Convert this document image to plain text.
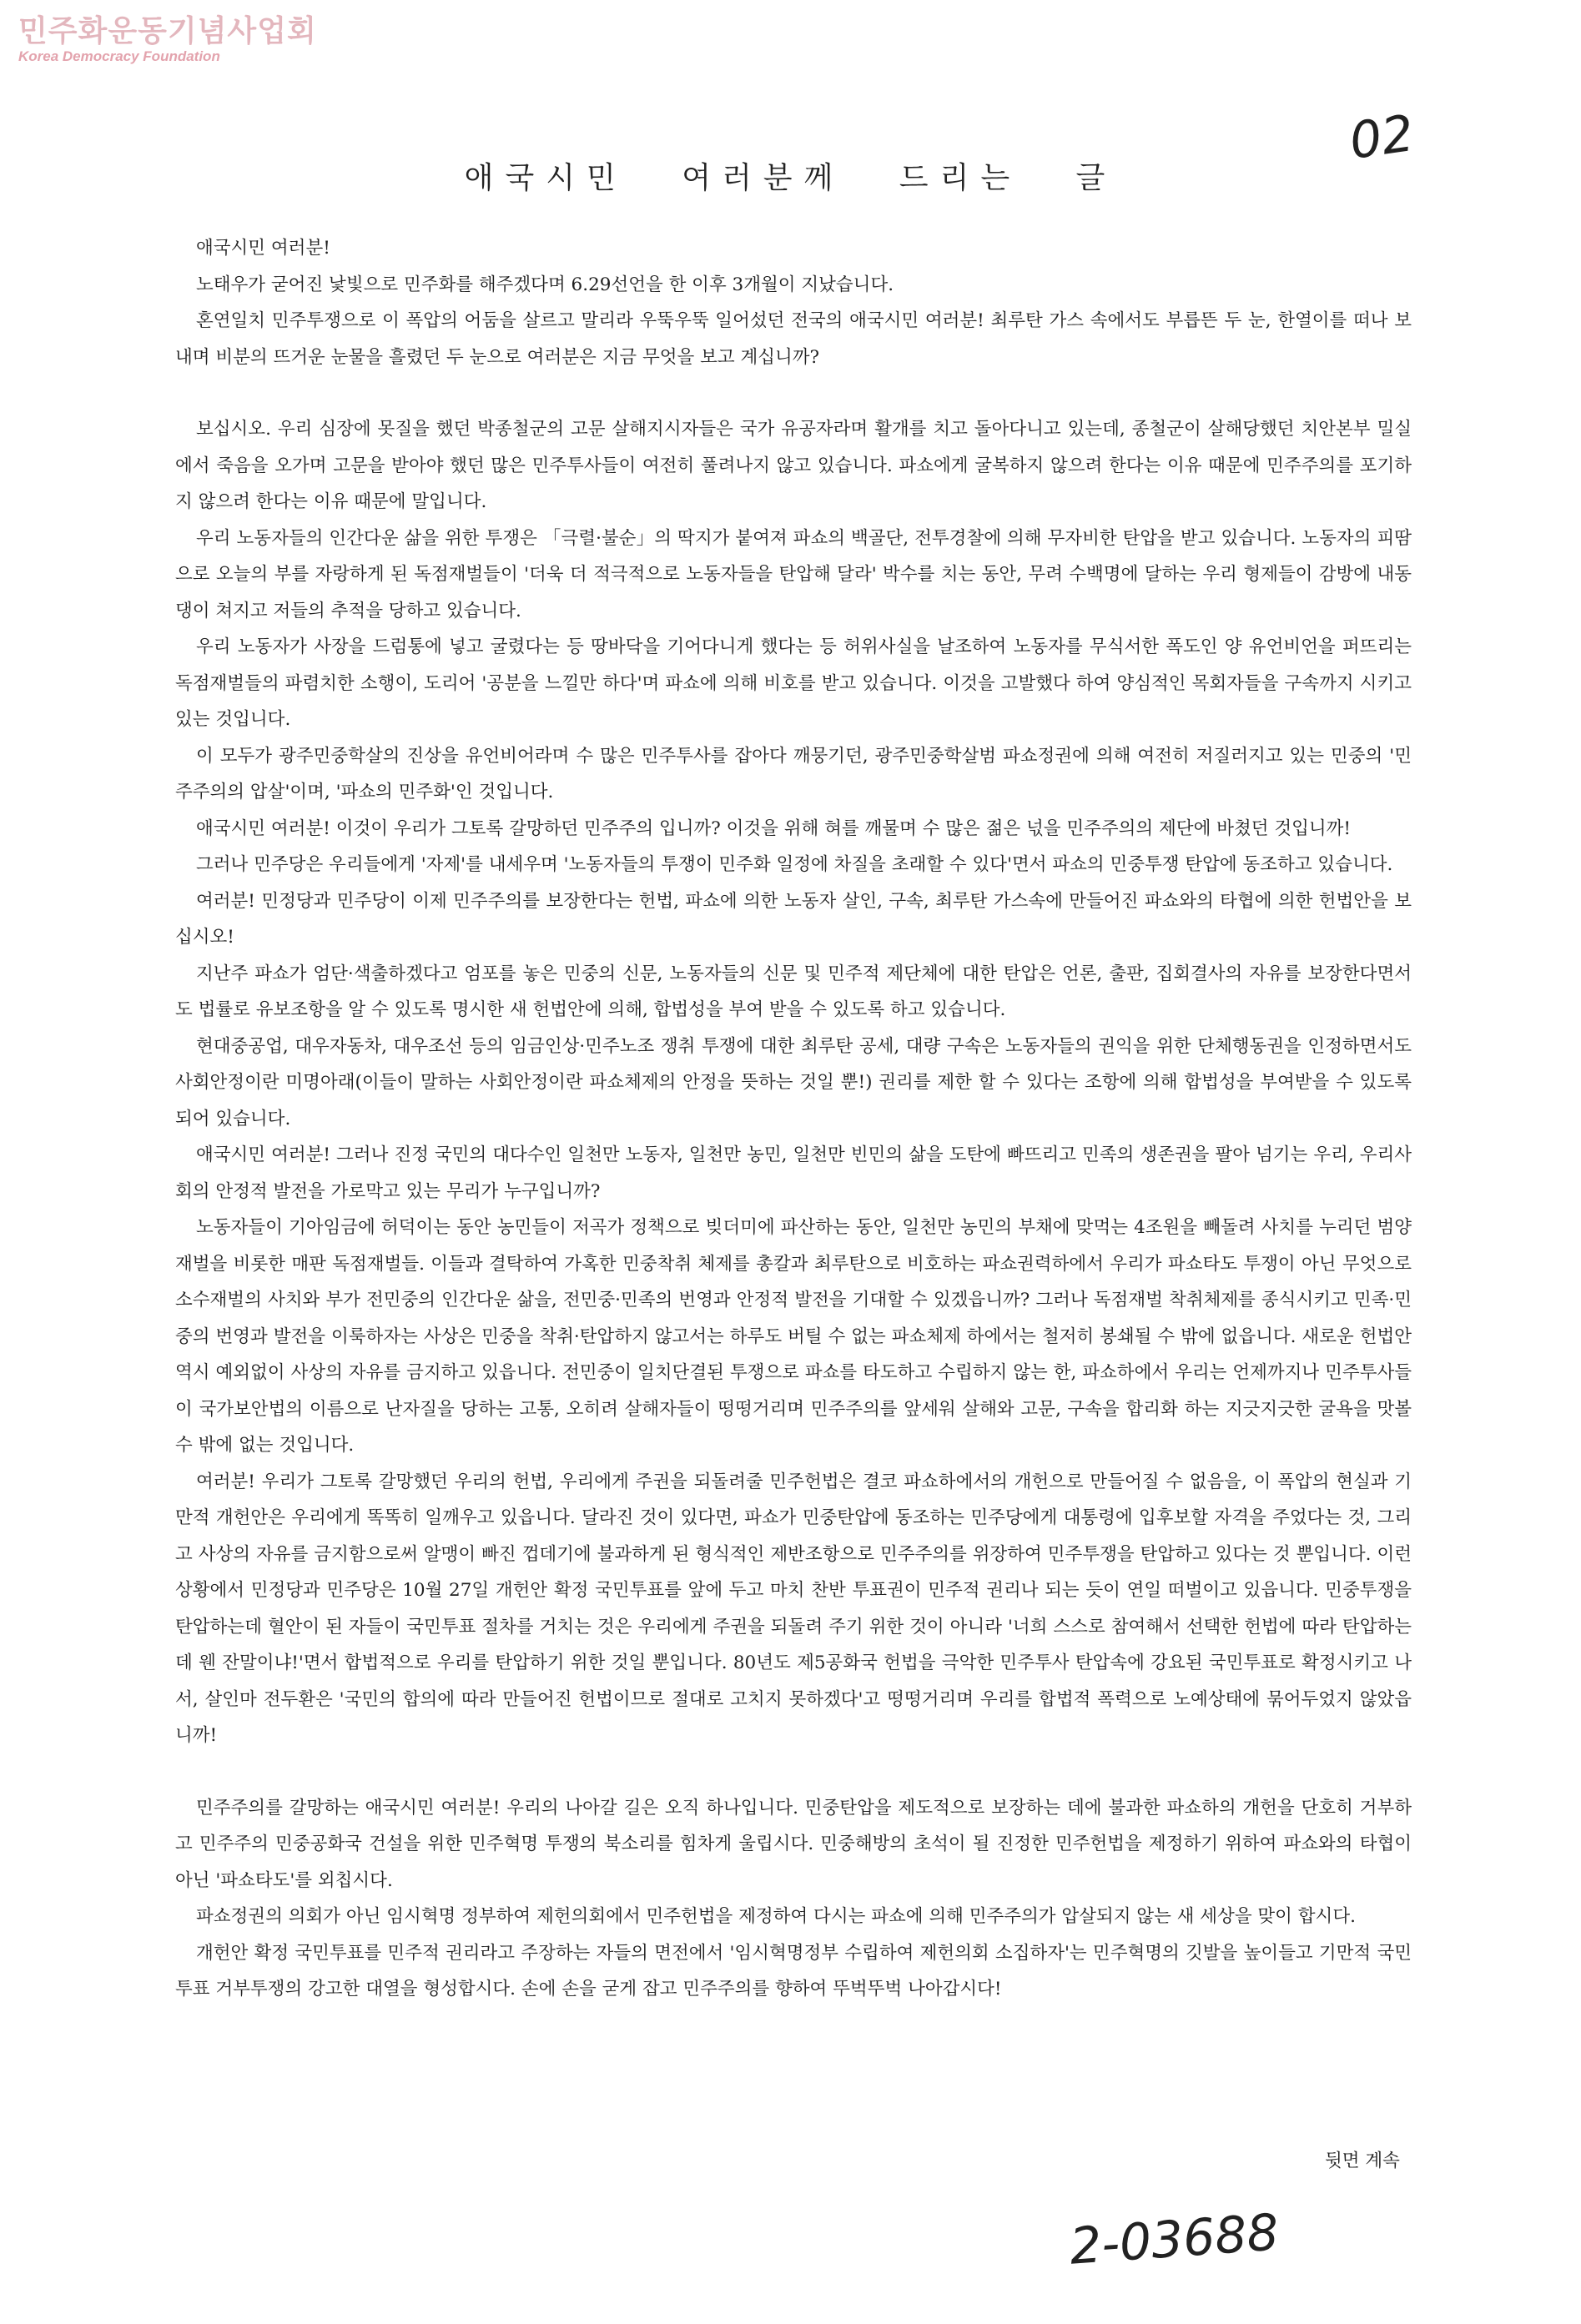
민주화운동기념사업회
Korea Democracy Foundation
02
애국시민 여러분께 드리는 글

애국시민 여러분!

노태우가 굳어진 낯빛으로 민주화를 해주겠다며 6.29선언을 한 이후 3개월이 지났습니다.

혼연일치 민주투쟁으로 이 폭압의 어둠을 살르고 말리라 우뚝우뚝 일어섰던 전국의 애국시민 여러분! 최루탄 가스 속에서도 부릅뜬 두 눈, 한열이를 떠나 보내며 비분의 뜨거운 눈물을 흘렸던 두 눈으로 여러분은 지금 무엇을 보고 계십니까?

보십시오. 우리 심장에 못질을 했던 박종철군의 고문 살해지시자들은 국가 유공자라며 활개를 치고 돌아다니고 있는데, 종철군이 살해당했던 치안본부 밀실에서 죽음을 오가며 고문을 받아야 했던 많은 민주투사들이 여전히 풀려나지 않고 있습니다. 파쇼에게 굴복하지 않으려 한다는 이유 때문에 민주주의를 포기하지 않으려 한다는 이유 때문에 말입니다.

우리 노동자들의 인간다운 삶을 위한 투쟁은 「극렬·불순」의 딱지가 붙여져 파쇼의 백골단, 전투경찰에 의해 무자비한 탄압을 받고 있습니다. 노동자의 피땀으로 오늘의 부를 자랑하게 된 독점재벌들이 '더욱 더 적극적으로 노동자들을 탄압해 달라' 박수를 치는 동안, 무려 수백명에 달하는 우리 형제들이 감방에 내동댕이 쳐지고 저들의 추적을 당하고 있습니다.

우리 노동자가 사장을 드럼통에 넣고 굴렸다는 등 땅바닥을 기어다니게 했다는 등 허위사실을 날조하여 노동자를 무식서한 폭도인 양 유언비언을 퍼뜨리는 독점재벌들의 파렴치한 소행이, 도리어 '공분을 느낄만 하다'며 파쇼에 의해 비호를 받고 있습니다. 이것을 고발했다 하여 양심적인 목회자들을 구속까지 시키고 있는 것입니다.

이 모두가 광주민중학살의 진상을 유언비어라며 수 많은 민주투사를 잡아다 깨뭉기던, 광주민중학살범 파쇼정권에 의해 여전히 저질러지고 있는 민중의 '민주주의의 압살'이며, '파쇼의 민주화'인 것입니다.

애국시민 여러분! 이것이 우리가 그토록 갈망하던 민주주의 입니까? 이것을 위해 혀를 깨물며 수 많은 젊은 넋을 민주주의의 제단에 바쳤던 것입니까!

그러나 민주당은 우리들에게 '자제'를 내세우며 '노동자들의 투쟁이 민주화 일정에 차질을 초래할 수 있다'면서 파쇼의 민중투쟁 탄압에 동조하고 있습니다.

여러분! 민정당과 민주당이 이제 민주주의를 보장한다는 헌법, 파쇼에 의한 노동자 살인, 구속, 최루탄 가스속에 만들어진 파쇼와의 타협에 의한 헌법안을 보십시오!

지난주 파쇼가 엄단·색출하겠다고 엄포를 놓은 민중의 신문, 노동자들의 신문 및 민주적 제단체에 대한 탄압은 언론, 출판, 집회결사의 자유를 보장한다면서도 법률로 유보조항을 알 수 있도록 명시한 새 헌법안에 의해, 합법성을 부여 받을 수 있도록 하고 있습니다.

현대중공업, 대우자동차, 대우조선 등의 임금인상·민주노조 쟁취 투쟁에 대한 최루탄 공세, 대량 구속은 노동자들의 권익을 위한 단체행동권을 인정하면서도 사회안정이란 미명아래(이들이 말하는 사회안정이란 파쇼체제의 안정을 뜻하는 것일 뿐!) 권리를 제한 할 수 있다는 조항에 의해 합법성을 부여받을 수 있도록 되어 있습니다.

애국시민 여러분! 그러나 진정 국민의 대다수인 일천만 노동자, 일천만 농민, 일천만 빈민의 삶을 도탄에 빠뜨리고 민족의 생존권을 팔아 넘기는 우리, 우리사회의 안정적 발전을 가로막고 있는 무리가 누구입니까?

노동자들이 기아임금에 허덕이는 동안 농민들이 저곡가 정책으로 빚더미에 파산하는 동안, 일천만 농민의 부채에 맞먹는 4조원을 빼돌려 사치를 누리던 범양재벌을 비롯한 매판 독점재벌들. 이들과 결탁하여 가혹한 민중착취 체제를 총칼과 최루탄으로 비호하는 파쇼권력하에서 우리가 파쇼타도 투쟁이 아닌 무엇으로 소수재벌의 사치와 부가 전민중의 인간다운 삶을, 전민중·민족의 번영과 안정적 발전을 기대할 수 있겠읍니까? 그러나 독점재벌 착취체제를 종식시키고 민족·민중의 번영과 발전을 이룩하자는 사상은 민중을 착취·탄압하지 않고서는 하루도 버틸 수 없는 파쇼체제 하에서는 철저히 봉쇄될 수 밖에 없읍니다. 새로운 헌법안 역시 예외없이 사상의 자유를 금지하고 있읍니다. 전민중이 일치단결된 투쟁으로 파쇼를 타도하고 수립하지 않는 한, 파쇼하에서 우리는 언제까지나 민주투사들이 국가보안법의 이름으로 난자질을 당하는 고통, 오히려 살해자들이 떵떵거리며 민주주의를 앞세워 살해와 고문, 구속을 합리화 하는 지긋지긋한 굴욕을 맛볼 수 밖에 없는 것입니다.

여러분! 우리가 그토록 갈망했던 우리의 헌법, 우리에게 주권을 되돌려줄 민주헌법은 결코 파쇼하에서의 개헌으로 만들어질 수 없음을, 이 폭압의 현실과 기만적 개헌안은 우리에게 똑똑히 일깨우고 있읍니다. 달라진 것이 있다면, 파쇼가 민중탄압에 동조하는 민주당에게 대통령에 입후보할 자격을 주었다는 것, 그리고 사상의 자유를 금지함으로써 알맹이 빠진 껍데기에 불과하게 된 형식적인 제반조항으로 민주주의를 위장하여 민주투쟁을 탄압하고 있다는 것 뿐입니다. 이런 상황에서 민정당과 민주당은 10월 27일 개헌안 확정 국민투표를 앞에 두고 마치 찬반 투표권이 민주적 권리나 되는 듯이 연일 떠벌이고 있읍니다. 민중투쟁을 탄압하는데 혈안이 된 자들이 국민투표 절차를 거치는 것은 우리에게 주권을 되돌려 주기 위한 것이 아니라 '너희 스스로 참여해서 선택한 헌법에 따라 탄압하는데 웬 잔말이냐!'면서 합법적으로 우리를 탄압하기 위한 것일 뿐입니다. 80년도 제5공화국 헌법을 극악한 민주투사 탄압속에 강요된 국민투표로 확정시키고 나서, 살인마 전두환은 '국민의 합의에 따라 만들어진 헌법이므로 절대로 고치지 못하겠다'고 떵떵거리며 우리를 합법적 폭력으로 노예상태에 묶어두었지 않았읍니까!

민주주의를 갈망하는 애국시민 여러분! 우리의 나아갈 길은 오직 하나입니다. 민중탄압을 제도적으로 보장하는 데에 불과한 파쇼하의 개헌을 단호히 거부하고 민주주의 민중공화국 건설을 위한 민주혁명 투쟁의 북소리를 힘차게 울립시다. 민중해방의 초석이 될 진정한 민주헌법을 제정하기 위하여 파쇼와의 타협이 아닌 '파쇼타도'를 외칩시다.

파쇼정권의 의회가 아닌 임시혁명 정부하여 제헌의회에서 민주헌법을 제정하여 다시는 파쇼에 의해 민주주의가 압살되지 않는 새 세상을 맞이 합시다.

개헌안 확정 국민투표를 민주적 권리라고 주장하는 자들의 면전에서 '임시혁명정부 수립하여 제헌의회 소집하자'는 민주혁명의 깃발을 높이들고 기만적 국민투표 거부투쟁의 강고한 대열을 형성합시다. 손에 손을 굳게 잡고 민주주의를 향하여 뚜벅뚜벅 나아갑시다!

뒷면 계속
2-03688
